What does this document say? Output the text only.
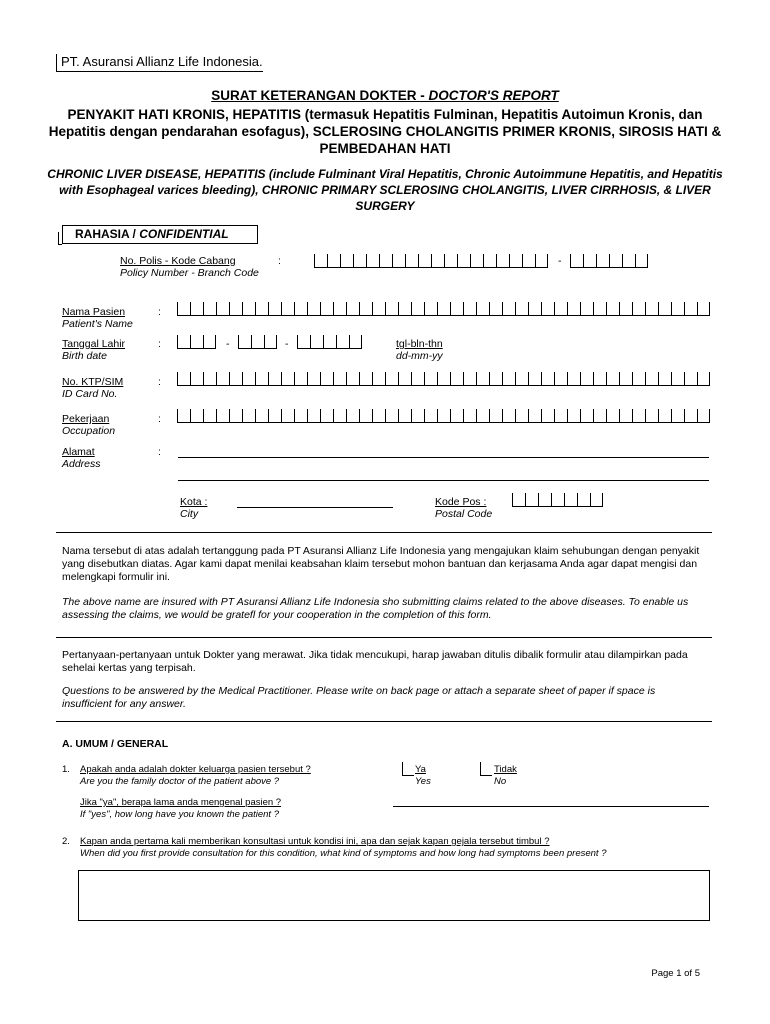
PT. Asuransi Allianz Life Indonesia.
SURAT KETERANGAN DOKTER - DOCTOR'S REPORT
PENYAKIT HATI KRONIS, HEPATITIS (termasuk Hepatitis Fulminan, Hepatitis Autoimun Kronis, dan Hepatitis dengan pendarahan esofagus), SCLEROSING CHOLANGITIS PRIMER KRONIS, SIROSIS HATI & PEMBEDAHAN HATI
CHRONIC LIVER DISEASE, HEPATITIS (include Fulminant Viral Hepatitis, Chronic Autoimmune Hepatitis, and Hepatitis with Esophageal varices bleeding), CHRONIC PRIMARY SCLEROSING CHOLANGITIS, LIVER CIRRHOSIS, & LIVER SURGERY
RAHASIA / CONFIDENTIAL
No. Polis - Kode Cabang
Policy Number - Branch Code
:	-
Nama Pasien
Patient's Name
:
Tanggal Lahir
Birth date
:	-	-	tgl-bln-thn
dd-mm-yy
No. KTP/SIM
ID Card No.
:
Pekerjaan
Occupation
:
Alamat
Address
:
Kota :
City
Kode Pos :
Postal Code
Nama tersebut di atas adalah tertanggung pada PT Asuransi Allianz Life Indonesia yang mengajukan klaim sehubungan dengan penyakit yang disebutkan diatas. Agar kami dapat menilai keabsahan klaim tersebut mohon bantuan dan kerjasama Anda agar dapat mengisi dan melengkapi formulir ini.
The above name are insured with PT Asuransi Allianz Life Indonesia sho submitting claims related to the above diseases. To enable us assessing the claims, we would be gratefl for your cooperation in the completion of this form.
Pertanyaan-pertanyaan untuk Dokter yang merawat. Jika tidak mencukupi, harap jawaban ditulis dibalik formulir atau dilampirkan pada sehelai kertas yang terpisah.
Questions to be answered by the Medical Practitioner. Please write on back page or attach a separate sheet of paper if space is insufficient for any answer.
A. UMUM / GENERAL
1. Apakah anda adalah dokter keluarga pasien tersebut ?
Are you the family doctor of the patient above ?
Ya
Yes
Tidak
No
Jika "ya", berapa lama anda mengenal pasien ?
If "yes", how long have you known the patient ?
2. Kapan anda pertama kali memberikan konsultasi untuk kondisi ini, apa dan sejak kapan gejala tersebut timbul ?
When did you first provide consultation for this condition, what kind of symptoms and how long had symptoms been present ?
Page 1 of 5
